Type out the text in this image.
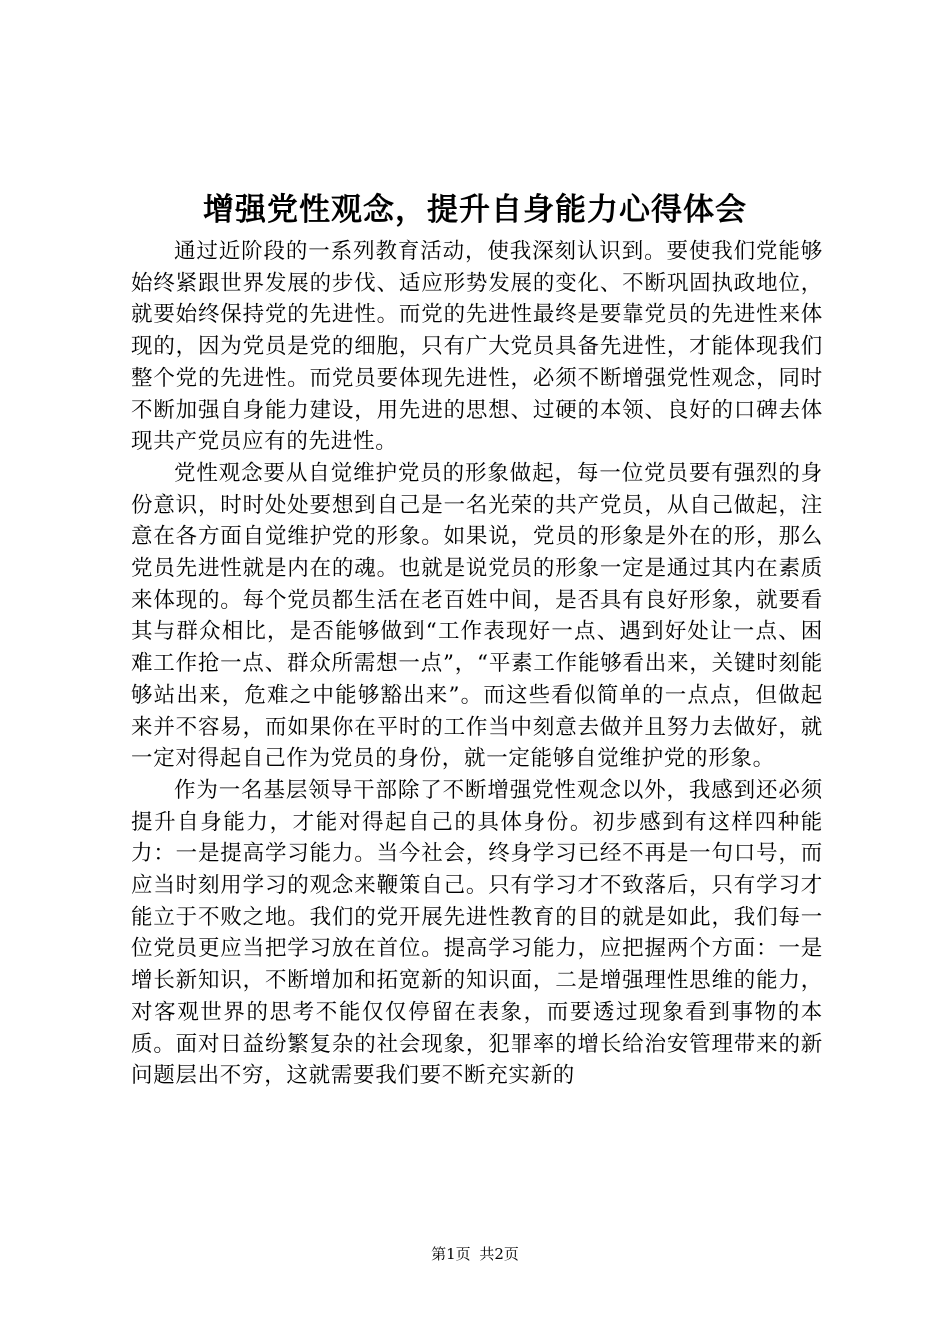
增强党性观念，提升自身能力心得体会

通过近阶段的一系列教育活动，使我深刻认识到。要使我们党能够始终紧跟世界发展的步伐、适应形势发展的变化、不断巩固执政地位，就要始终保持党的先进性。而党的先进性最终是要靠党员的先进性来体现的，因为党员是党的细胞，只有广大党员具备先进性，才能体现我们整个党的先进性。而党员要体现先进性，必须不断增强党性观念，同时不断加强自身能力建设，用先进的思想、过硬的本领、良好的口碑去体现共产党员应有的先进性。

党性观念要从自觉维护党员的形象做起，每一位党员要有强烈的身份意识，时时处处要想到自己是一名光荣的共产党员，从自己做起，注意在各方面自觉维护党的形象。如果说，党员的形象是外在的形，那么党员先进性就是内在的魂。也就是说党员的形象一定是通过其内在素质来体现的。每个党员都生活在老百姓中间，是否具有良好形象，就要看其与群众相比，是否能够做到“工作表现好一点、遇到好处让一点、困难工作抢一点、群众所需想一点”，“平素工作能够看出来，关键时刻能够站出来，危难之中能够豁出来”。而这些看似简单的一点点，但做起来并不容易，而如果你在平时的工作当中刻意去做并且努力去做好，就一定对得起自己作为党员的身份，就一定能够自觉维护党的形象。

作为一名基层领导干部除了不断增强党性观念以外，我感到还必须提升自身能力，才能对得起自己的具体身份。初步感到有这样四种能力：一是提高学习能力。当今社会，终身学习已经不再是一句口号，而应当时刻用学习的观念来鞭策自己。只有学习才不致落后，只有学习才能立于不败之地。我们的党开展先进性教育的目的就是如此，我们每一位党员更应当把学习放在首位。提高学习能力，应把握两个方面：一是增长新知识，不断增加和拓宽新的知识面，二是增强理性思维的能力，对客观世界的思考不能仅仅停留在表象，而要透过现象看到事物的本质。面对日益纷繁复杂的社会现象，犯罪率的增长给治安管理带来的新问题层出不穷，这就需要我们要不断充实新的

第1页 共2页
